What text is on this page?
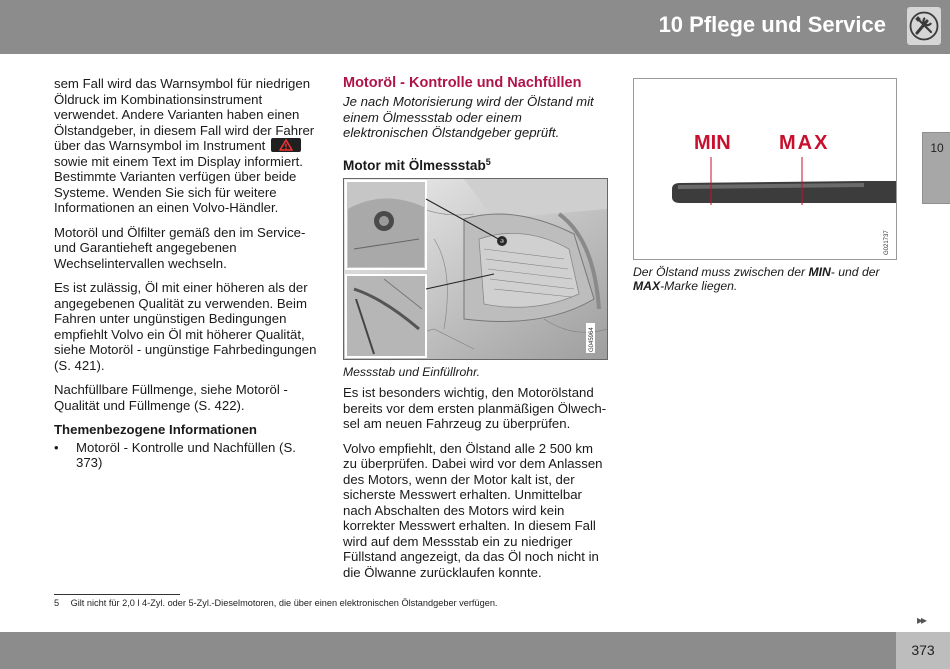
10 Pflege und Service
10

sem Fall wird das Warnsymbol für niedrigen Öldruck im Kombinationsinstrument verwendet. Andere Varianten haben einen Ölstandgeber, in diesem Fall wird der Fahrer über das Warnsymbol im Instrument
sowie mit einem Text im Display informiert. Bestimmte Varianten verfügen über beide Systeme. Wenden Sie sich für weitere Informationen an einen Volvo-Händler.

Motoröl und Ölfilter gemäß den im Service- und Garantieheft angegebenen Wechselintervallen wechseln.

Es ist zulässig, Öl mit einer höheren als der angegebenen Qualität zu verwenden. Beim Fahren unter ungünstigen Bedingungen empfiehlt Volvo ein Öl mit höherer Qualität, siehe Motoröl - ungünstige Fahrbedingungen (S. 421).

Nachfüllbare Füllmenge, siehe Motoröl - Qualität und Füllmenge (S. 422).

Themenbezogene Informationen
•	Motoröl - Kontrolle und Nachfüllen (S. 373)
Motoröl - Kontrolle und Nachfüllen

Je nach Motorisierung wird der Ölstand mit einem Ölmessstab oder einem elektronischen Ölstandgeber geprüft.

Motor mit Ölmessstab$^5$
G045964

Messstab und Einfüllrohr.

Es ist besonders wichtig, den Motorölstand bereits vor dem ersten planmäßigen Ölwechsel am neuen Fahrzeug zu überprüfen.

Volvo empfiehlt, den Ölstand alle 2 500 km zu überprüfen. Dabei wird vor dem Anlassen des Motors, wenn der Motor kalt ist, der sicherste Messwert erhalten. Unmittelbar nach Abschalten des Motors wird kein korrekter Messwert erhalten. In diesem Fall wird auf dem Messstab ein zu niedriger Füllstand angezeigt, da das Öl noch nicht in die Ölwanne zurücklaufen konnte.

MIN MAX
G021737

Der Ölstand muss zwischen der MIN- und der MAX-Marke liegen.

5 Gilt nicht für 2,0 l 4-Zyl. oder 5-Zyl.-Dieselmotoren, die über einen elektronischen Ölstandgeber verfügen.
▸▸
373
